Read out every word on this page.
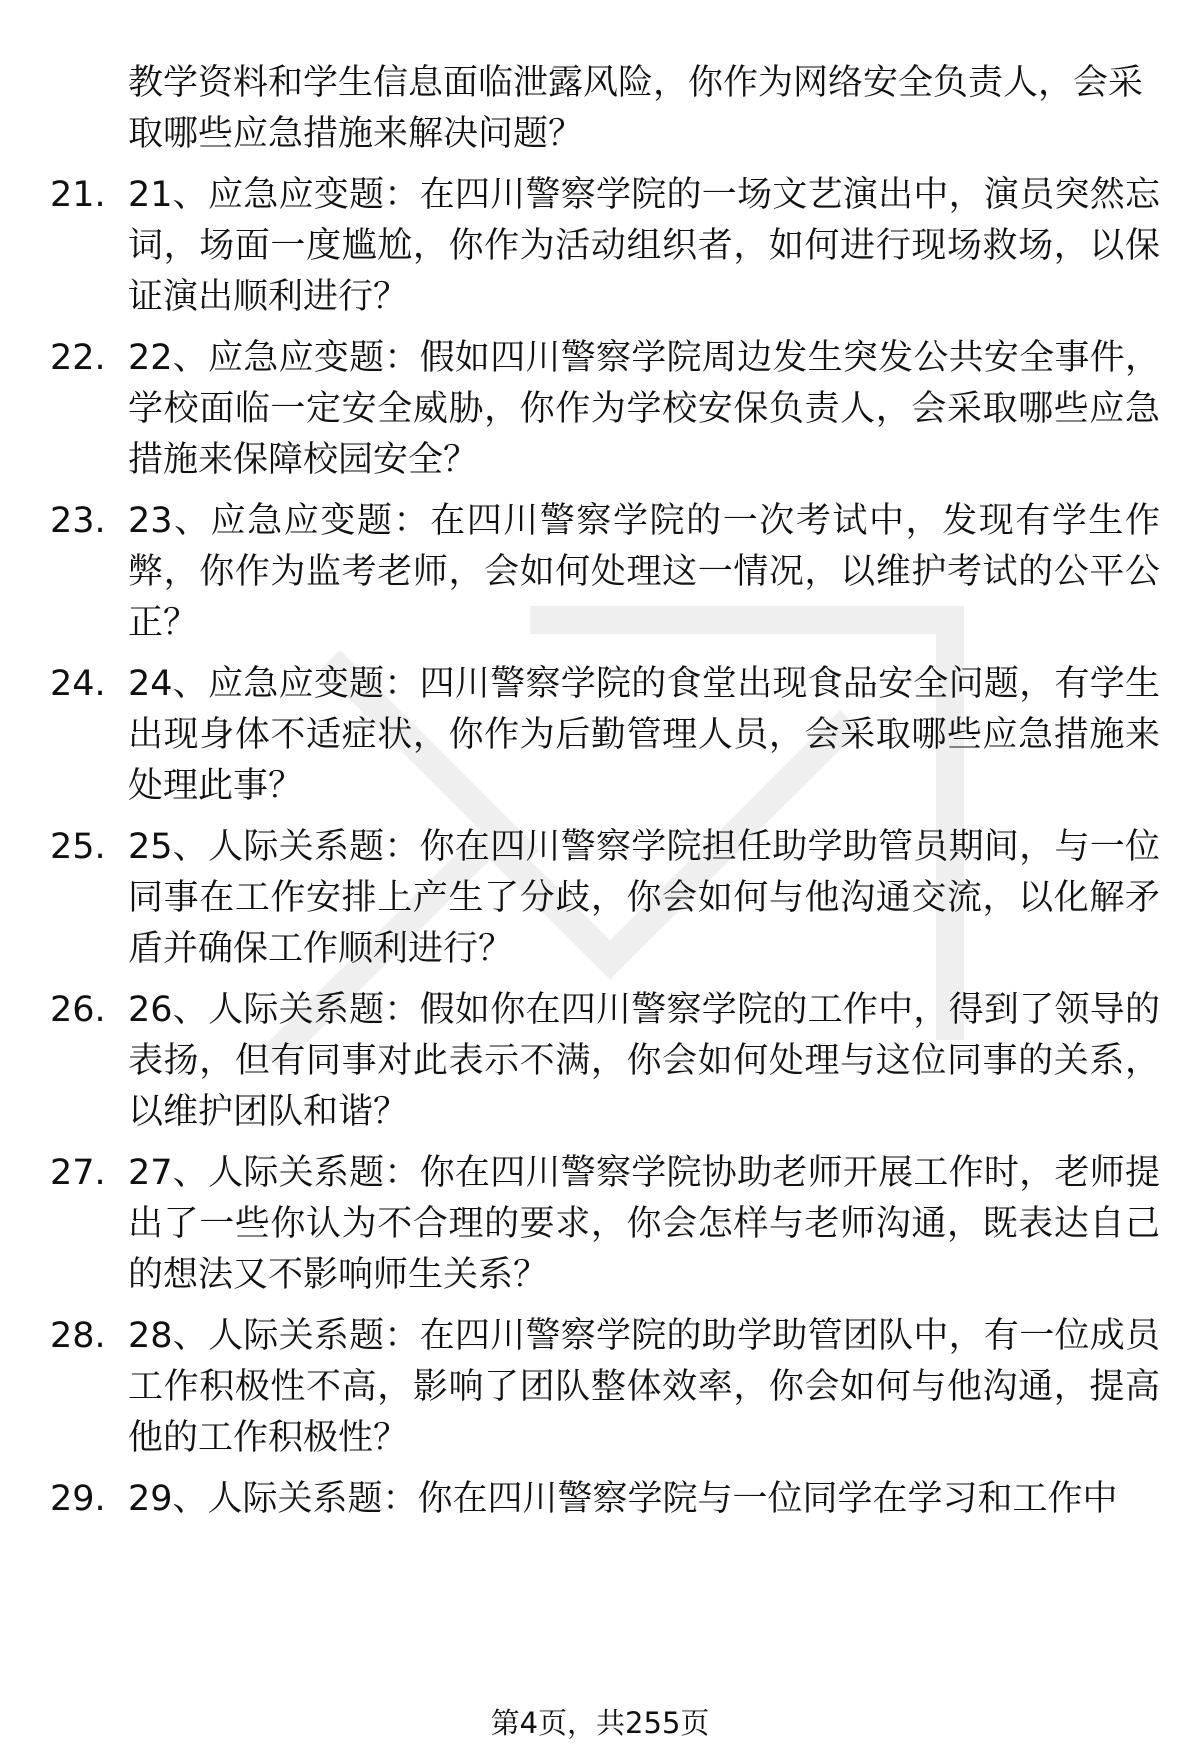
教学资料和学生信息面临泄露风险，你作为网络安全负责人，会采取哪些应急措施来解决问题？
21. 21、应急应变题：在四川警察学院的一场文艺演出中，演员突然忘词，场面一度尴尬，你作为活动组织者，如何进行现场救场，以保证演出顺利进行？
22. 22、应急应变题：假如四川警察学院周边发生突发公共安全事件，学校面临一定安全威胁，你作为学校安保负责人，会采取哪些应急措施来保障校园安全？
23. 23、应急应变题：在四川警察学院的一次考试中，发现有学生作弊，你作为监考老师，会如何处理这一情况，以维护考试的公平公正？
24. 24、应急应变题：四川警察学院的食堂出现食品安全问题，有学生出现身体不适症状，你作为后勤管理人员，会采取哪些应急措施来处理此事？
25. 25、人际关系题：你在四川警察学院担任助学助管员期间，与一位同事在工作安排上产生了分歧，你会如何与他沟通交流，以化解矛盾并确保工作顺利进行？
26. 26、人际关系题：假如你在四川警察学院的工作中，得到了领导的表扬，但有同事对此表示不满，你会如何处理与这位同事的关系，以维护团队和谐？
27. 27、人际关系题：你在四川警察学院协助老师开展工作时，老师提出了一些你认为不合理的要求，你会怎样与老师沟通，既表达自己的想法又不影响师生关系？
28. 28、人际关系题：在四川警察学院的助学助管团队中，有一位成员工作积极性不高，影响了团队整体效率，你会如何与他沟通，提高他的工作积极性？
29. 29、人际关系题：你在四川警察学院与一位同学在学习和工作中
第4页，共255页
